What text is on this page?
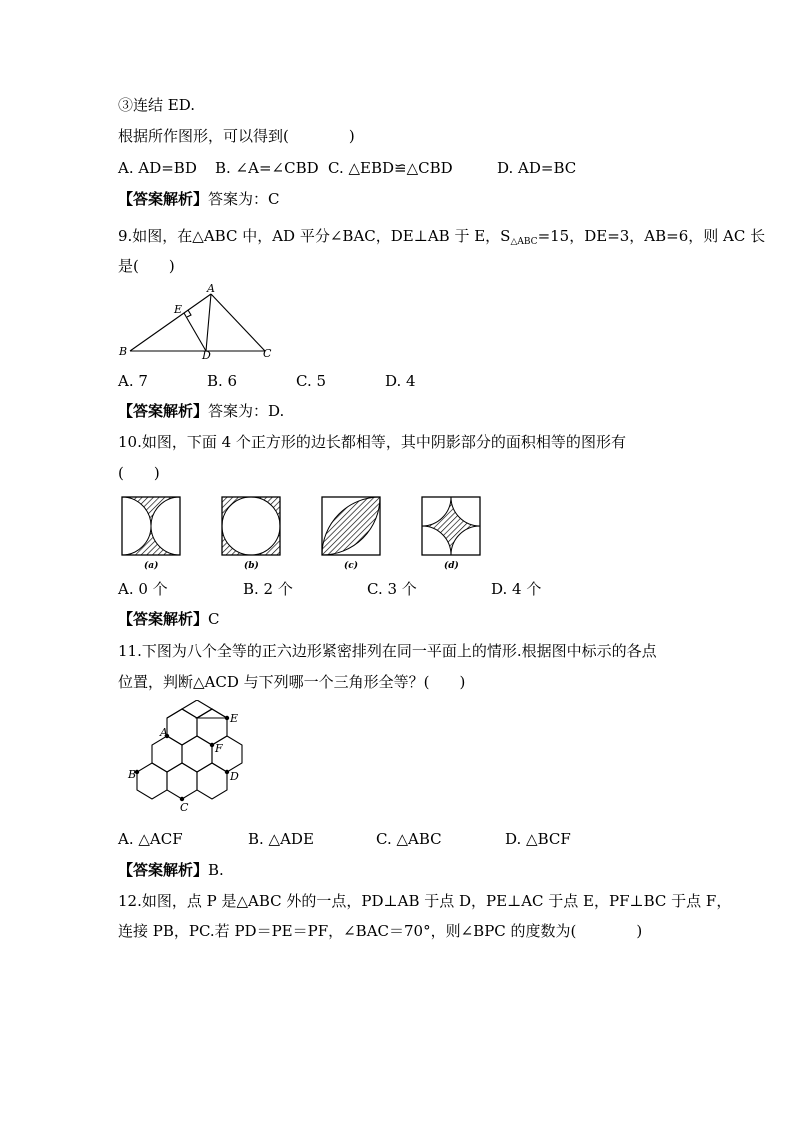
③连结 ED.
根据所作图形，可以得到(　　　　)
A. AD=BD B. ∠A=∠CBD C. △EBD≌△CBD	D. AD=BC
【答案解析】答案为：C
9.如图，在△ABC 中，AD 平分∠BAC，DE⊥AB 于 E，$S_{\triangle ABC}=15$，DE=3，AB=6，则 AC 长
是(　　)
A
B	C
D
E
A. 7	B. 6	C. 5	D. 4
【答案解析】答案为：D.
10.如图，下面 4 个正方形的边长都相等，其中阴影部分的面积相等的图形有
(　　)
(a)	(b)	(c)	(d)
A. 0 个	B. 2 个	C. 3 个	D. 4 个
【答案解析】C
11.下图为八个全等的正六边形紧密排列在同一平面上的情形.根据图中标示的各点
位置，判断△ACD 与下列哪一个三角形全等？(　　)
A
B
C
D
E
F
A. △ACF	B. △ADE	C. △ABC	D. △BCF
【答案解析】B.
12.如图，点 P 是△ABC 外的一点，PD⊥AB 于点 D，PE⊥AC 于点 E，PF⊥BC 于点 F，
连接 PB，PC.若 PD＝PE＝PF，∠BAC＝70°，则∠BPC 的度数为(　　　　)
